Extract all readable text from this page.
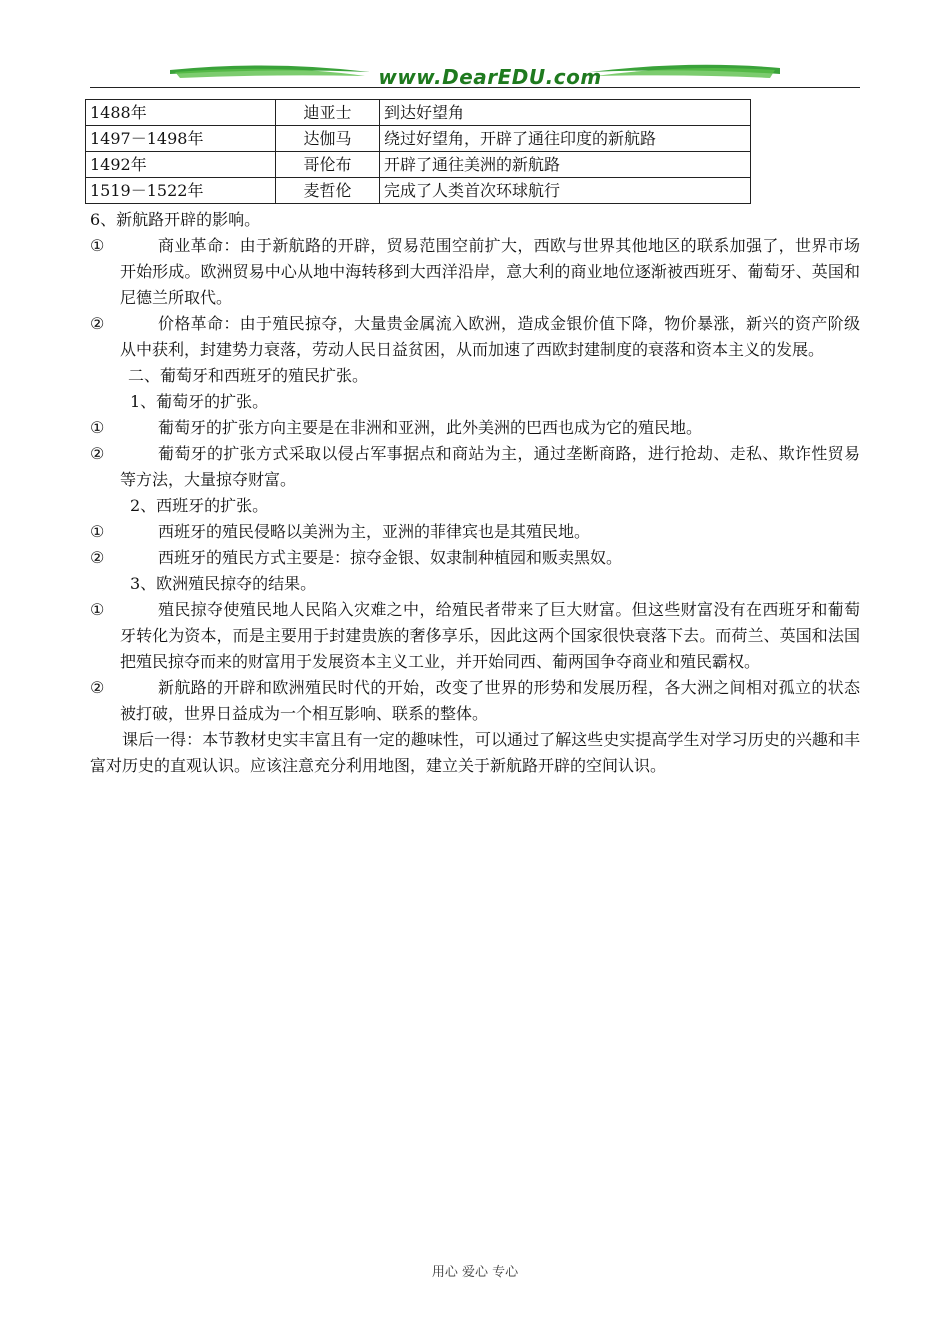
www.DearEDU.com
1488年	迪亚士	到达好望角
1497－1498年	达伽马	绕过好望角，开辟了通往印度的新航路
1492年	哥伦布	开辟了通往美洲的新航路
1519－1522年	麦哲伦	完成了人类首次环球航行

6、新航路开辟的影响。

①	商业革命：由于新航路的开辟，贸易范围空前扩大，西欧与世界其他地区的联系加强了，世界市场开始形成。欧洲贸易中心从地中海转移到大西洋沿岸，意大利的商业地位逐渐被西班牙、葡萄牙、英国和尼德兰所取代。

②	价格革命：由于殖民掠夺，大量贵金属流入欧洲，造成金银价值下降，物价暴涨，新兴的资产阶级从中获利，封建势力衰落，劳动人民日益贫困，从而加速了西欧封建制度的衰落和资本主义的发展。

二、葡萄牙和西班牙的殖民扩张。

1、葡萄牙的扩张。

①	葡萄牙的扩张方向主要是在非洲和亚洲，此外美洲的巴西也成为它的殖民地。

②	葡萄牙的扩张方式采取以侵占军事据点和商站为主，通过垄断商路，进行抢劫、走私、欺诈性贸易等方法，大量掠夺财富。

2、西班牙的扩张。

①	西班牙的殖民侵略以美洲为主，亚洲的菲律宾也是其殖民地。

②	西班牙的殖民方式主要是：掠夺金银、奴隶制种植园和贩卖黑奴。

3、欧洲殖民掠夺的结果。

①	殖民掠夺使殖民地人民陷入灾难之中，给殖民者带来了巨大财富。但这些财富没有在西班牙和葡萄牙转化为资本，而是主要用于封建贵族的奢侈享乐，因此这两个国家很快衰落下去。而荷兰、英国和法国把殖民掠夺而来的财富用于发展资本主义工业，并开始同西、葡两国争夺商业和殖民霸权。

②	新航路的开辟和欧洲殖民时代的开始，改变了世界的形势和发展历程，各大洲之间相对孤立的状态被打破，世界日益成为一个相互影响、联系的整体。

课后一得：本节教材史实丰富且有一定的趣味性，可以通过了解这些史实提高学生对学习历史的兴趣和丰富对历史的直观认识。应该注意充分利用地图，建立关于新航路开辟的空间认识。

用心 爱心 专心
